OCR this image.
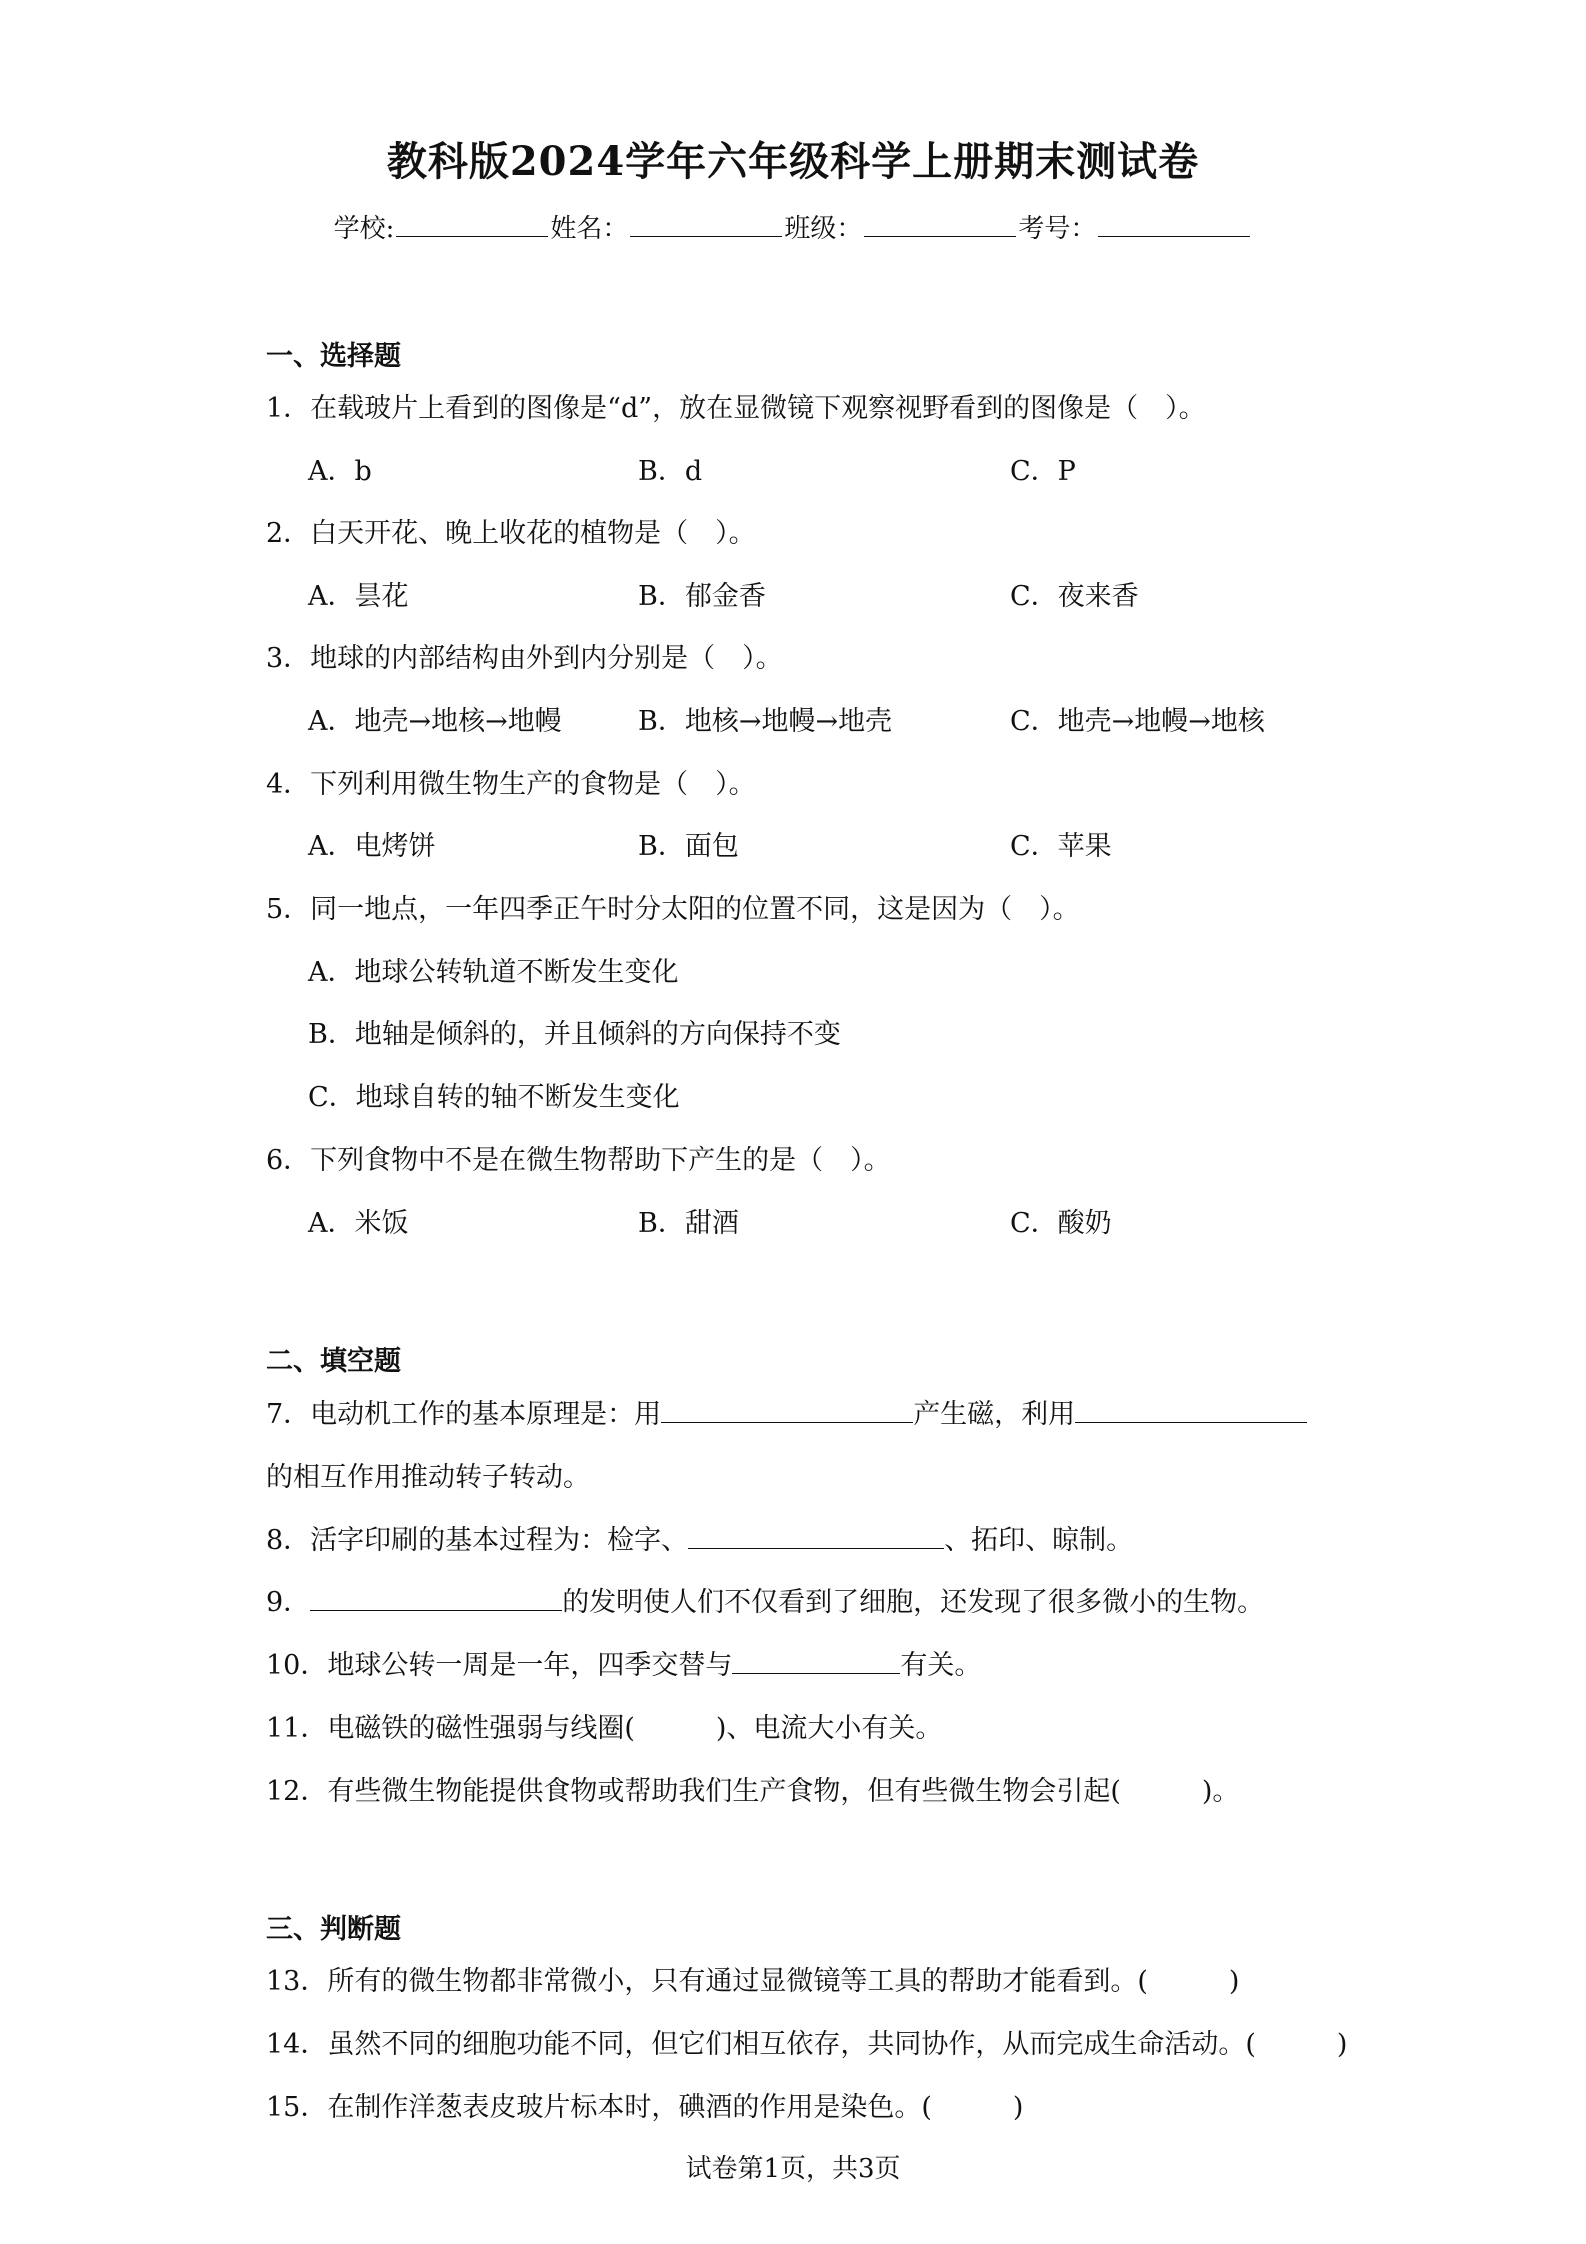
教科版2024学年六年级科学上册期末测试卷
学校:	姓名：	班级：	考号：
一、选择题
1．在载玻片上看到的图像是“d”，放在显微镜下观察视野看到的图像是（　）。
A．b	B．d	C．P
2．白天开花、晚上收花的植物是（　）。
A．昙花	B．郁金香	C．夜来香
3．地球的内部结构由外到内分别是（　）。
A．地壳→地核→地幔	B．地核→地幔→地壳	C．地壳→地幔→地核
4．下列利用微生物生产的食物是（　）。
A．电烤饼	B．面包	C．苹果
5．同一地点，一年四季正午时分太阳的位置不同，这是因为（　）。
A．地球公转轨道不断发生变化
B．地轴是倾斜的，并且倾斜的方向保持不变
C．地球自转的轴不断发生变化
6．下列食物中不是在微生物帮助下产生的是（　）。
A．米饭	B．甜酒	C．酸奶
二、填空题
7．电动机工作的基本原理是：用	产生磁，利用
的相互作用推动转子转动。
8．活字印刷的基本过程为：检字、	、拓印、晾制。
9．	的发明使人们不仅看到了细胞，还发现了很多微小的生物。
10．地球公转一周是一年，四季交替与	有关。
11．电磁铁的磁性强弱与线圈(　　　)、电流大小有关。
12．有些微生物能提供食物或帮助我们生产食物，但有些微生物会引起(　　　)。
三、判断题
13．所有的微生物都非常微小，只有通过显微镜等工具的帮助才能看到。(　　　)
14．虽然不同的细胞功能不同，但它们相互依存，共同协作，从而完成生命活动。(　　　)
15．在制作洋葱表皮玻片标本时，碘酒的作用是染色。(　　　)
试卷第1页，共3页
